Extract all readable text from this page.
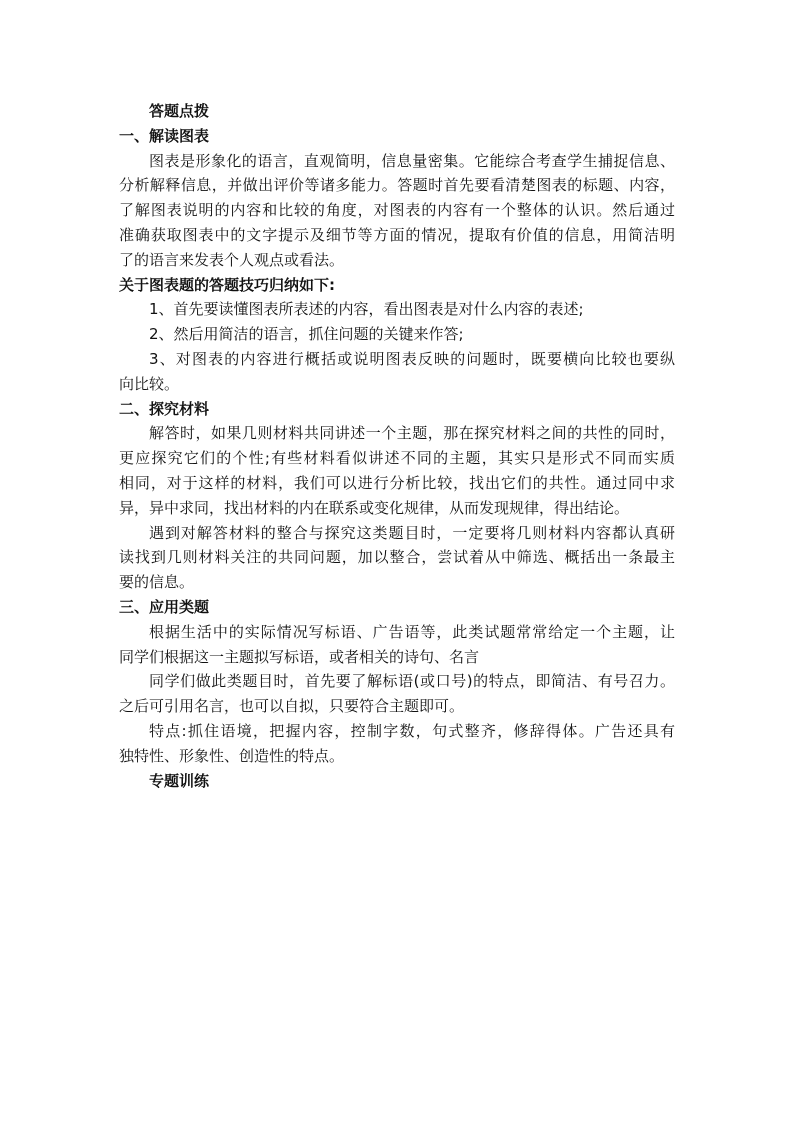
答题点拨
一、解读图表
图表是形象化的语言，直观简明，信息量密集。它能综合考查学生捕捉信息、
分析解释信息，并做出评价等诸多能力。答题时首先要看清楚图表的标题、内容，
了解图表说明的内容和比较的角度，对图表的内容有一个整体的认识。然后通过
准确获取图表中的文字提示及细节等方面的情况，提取有价值的信息，用简洁明
了的语言来发表个人观点或看法。
关于图表题的答题技巧归纳如下:
1、首先要读懂图表所表述的内容，看出图表是对什么内容的表述;
2、然后用简洁的语言，抓住问题的关键来作答;
3、对图表的内容进行概括或说明图表反映的问题时，既要横向比较也要纵
向比较。
二、探究材料
解答时，如果几则材料共同讲述一个主题，那在探究材料之间的共性的同时，
更应探究它们的个性;有些材料看似讲述不同的主题，其实只是形式不同而实质
相同，对于这样的材料，我们可以进行分析比较，找出它们的共性。通过同中求
异，异中求同，找出材料的内在联系或变化规律，从而发现规律，得出结论。
遇到对解答材料的整合与探究这类题目时，一定要将几则材料内容都认真研
读找到几则材料关注的共同问题，加以整合，尝试着从中筛选、概括出一条最主
要的信息。
三、应用类题
根据生活中的实际情况写标语、广告语等，此类试题常常给定一个主题，让
同学们根据这一主题拟写标语，或者相关的诗句、名言
同学们做此类题目时，首先要了解标语(或口号)的特点，即简洁、有号召力。
之后可引用名言，也可以自拟，只要符合主题即可。
特点:抓住语境，把握内容，控制字数，句式整齐，修辞得体。广告还具有
独特性、形象性、创造性的特点。
专题训练
